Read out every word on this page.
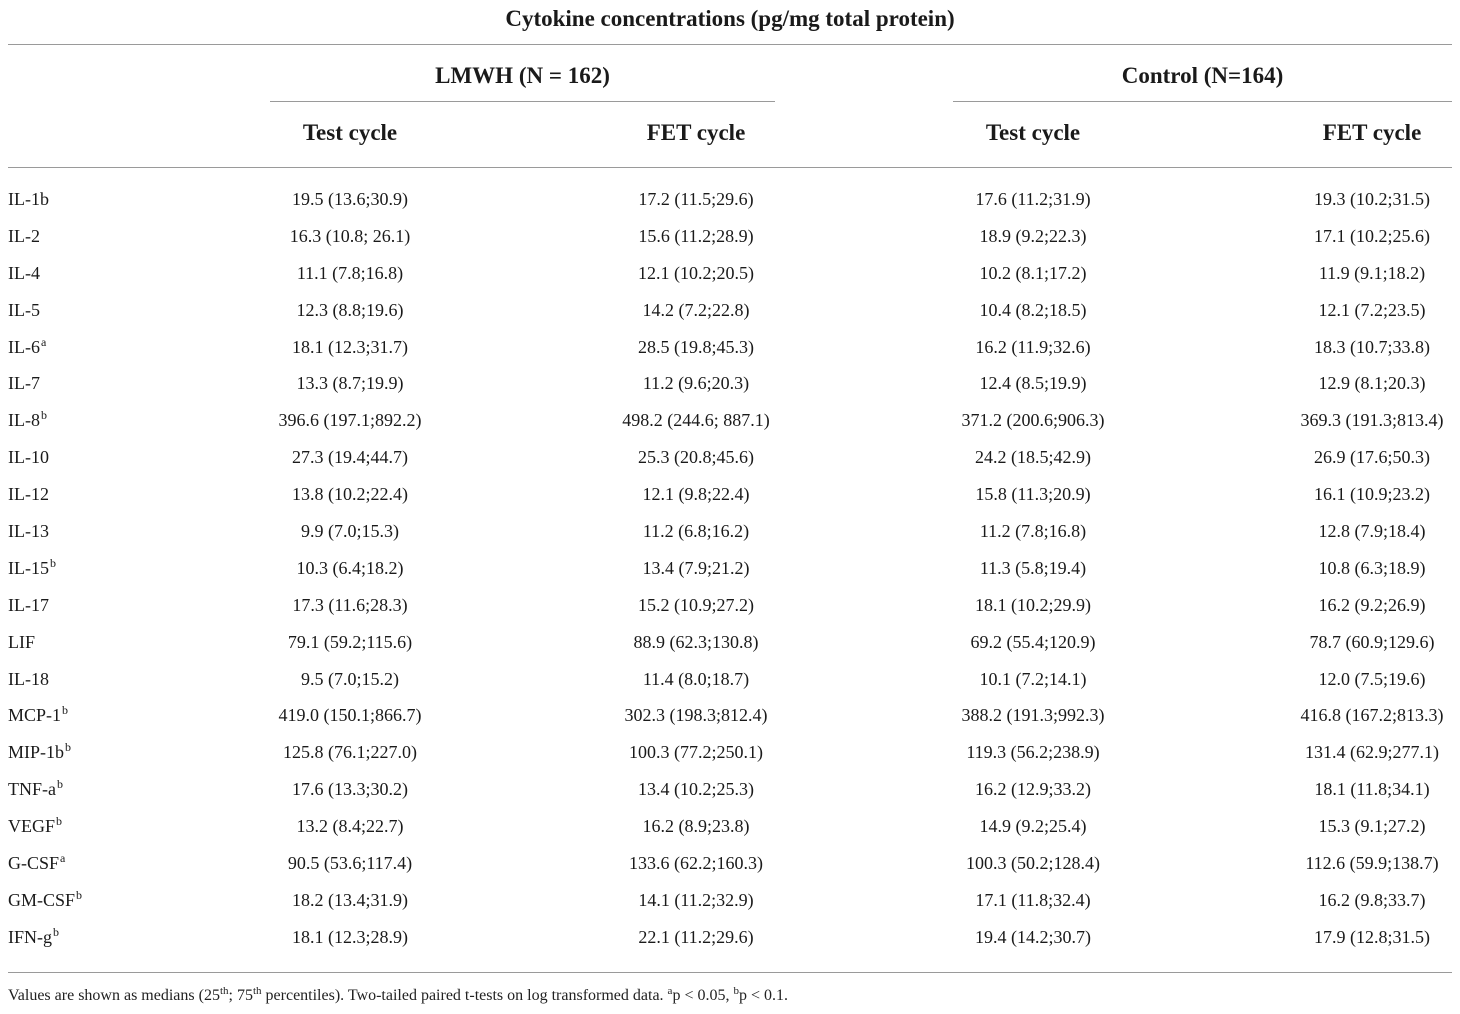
Cytokine concentrations (pg/mg total protein)
LMWH (N = 162)	Control (N=164)
Test cycle	FET cycle	Test cycle	FET cycle
IL-1b	19.5 (13.6;30.9)	17.2 (11.5;29.6)	17.6 (11.2;31.9)	19.3 (10.2;31.5)
IL-2	16.3 (10.8; 26.1)	15.6 (11.2;28.9)	18.9 (9.2;22.3)	17.1 (10.2;25.6)
IL-4	11.1 (7.8;16.8)	12.1 (10.2;20.5)	10.2 (8.1;17.2)	11.9 (9.1;18.2)
IL-5	12.3 (8.8;19.6)	14.2 (7.2;22.8)	10.4 (8.2;18.5)	12.1 (7.2;23.5)
IL-6$^a$	18.1 (12.3;31.7)	28.5 (19.8;45.3)	16.2 (11.9;32.6)	18.3 (10.7;33.8)
IL-7	13.3 (8.7;19.9)	11.2 (9.6;20.3)	12.4 (8.5;19.9)	12.9 (8.1;20.3)
IL-8$^b$	396.6 (197.1;892.2)	498.2 (244.6; 887.1)	371.2 (200.6;906.3)	369.3 (191.3;813.4)
IL-10	27.3 (19.4;44.7)	25.3 (20.8;45.6)	24.2 (18.5;42.9)	26.9 (17.6;50.3)
IL-12	13.8 (10.2;22.4)	12.1 (9.8;22.4)	15.8 (11.3;20.9)	16.1 (10.9;23.2)
IL-13	9.9 (7.0;15.3)	11.2 (6.8;16.2)	11.2 (7.8;16.8)	12.8 (7.9;18.4)
IL-15$^b$	10.3 (6.4;18.2)	13.4 (7.9;21.2)	11.3 (5.8;19.4)	10.8 (6.3;18.9)
IL-17	17.3 (11.6;28.3)	15.2 (10.9;27.2)	18.1 (10.2;29.9)	16.2 (9.2;26.9)
LIF	79.1 (59.2;115.6)	88.9 (62.3;130.8)	69.2 (55.4;120.9)	78.7 (60.9;129.6)
IL-18	9.5 (7.0;15.2)	11.4 (8.0;18.7)	10.1 (7.2;14.1)	12.0 (7.5;19.6)
MCP-1$^b$	419.0 (150.1;866.7)	302.3 (198.3;812.4)	388.2 (191.3;992.3)	416.8 (167.2;813.3)
MIP-$1b^b$	125.8 (76.1;227.0)	100.3 (77.2;250.1)	119.3 (56.2;238.9)	131.4 (62.9;277.1)
TNF-$a^b$	17.6 (13.3;30.2)	13.4 (10.2;25.3)	16.2 (12.9;33.2)	18.1 (11.8;34.1)
VEGF$^b$	13.2 (8.4;22.7)	16.2 (8.9;23.8)	14.9 (9.2;25.4)	15.3 (9.1;27.2)
G-CSF$^a$	90.5 (53.6;117.4)	133.6 (62.2;160.3)	100.3 (50.2;128.4)	112.6 (59.9;138.7)
GM-CSF$^b$	18.2 (13.4;31.9)	14.1 (11.2;32.9)	17.1 (11.8;32.4)	16.2 (9.8;33.7)
IFN-$g^b$	18.1 (12.3;28.9)	22.1 (11.2;29.6)	19.4 (14.2;30.7)	17.9 (12.8;31.5)
Values are shown as medians (25th; 75th percentiles). Two-tailed paired t-tests on log transformed data. $^a$p < 0.05, $^b$p < 0.1.
